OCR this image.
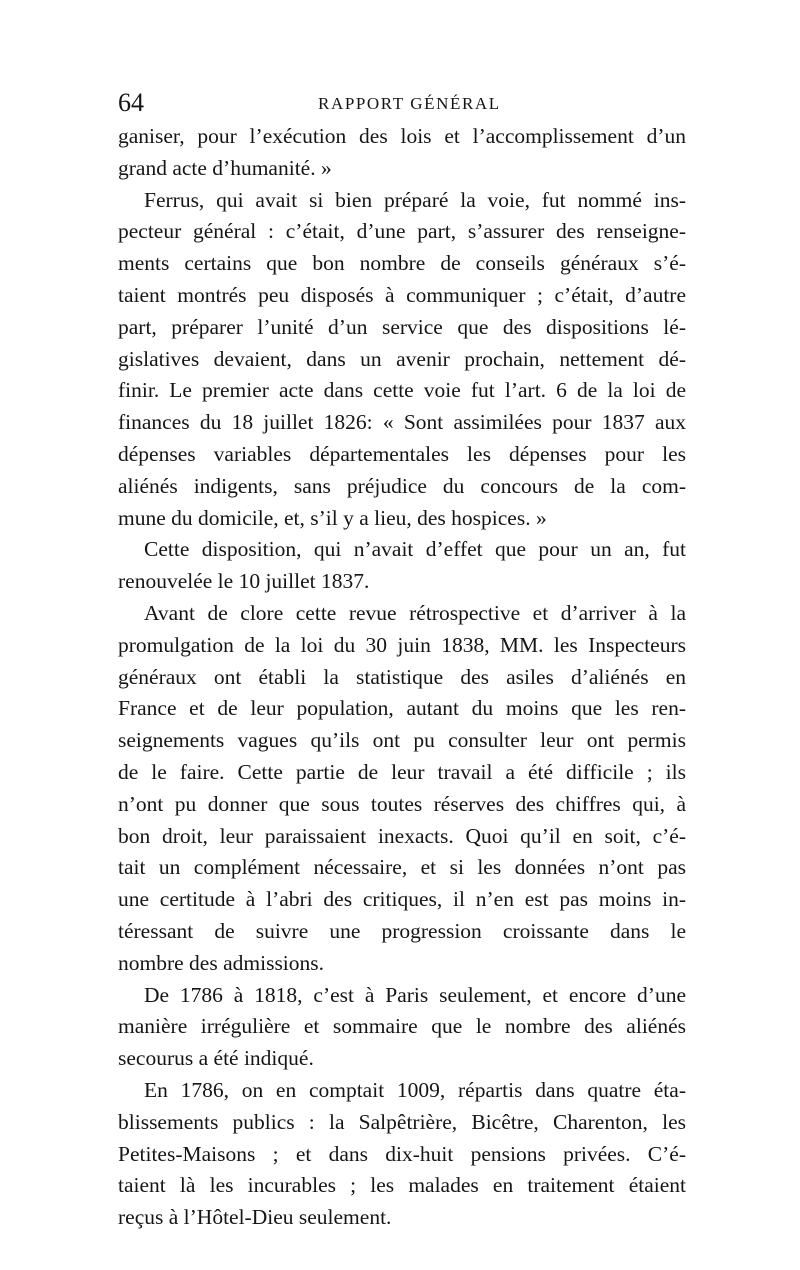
64	RAPPORT GÉNÉRAL
ganiser, pour l’exécution des lois et l’accomplissement d’un
grand acte d’humanité. »
Ferrus, qui avait si bien préparé la voie, fut nommé ins-
pecteur général : c’était, d’une part, s’assurer des renseigne-
ments certains que bon nombre de conseils généraux s’é-
taient montrés peu disposés à communiquer ; c’était, d’autre
part, préparer l’unité d’un service que des dispositions lé-
gislatives devaient, dans un avenir prochain, nettement dé-
finir. Le premier acte dans cette voie fut l’art. 6 de la loi de
finances du 18 juillet 1826: « Sont assimilées pour 1837 aux
dépenses variables départementales les dépenses pour les
aliénés indigents, sans préjudice du concours de la com-
mune du domicile, et, s’il y a lieu, des hospices. »
Cette disposition, qui n’avait d’effet que pour un an, fut
renouvelée le 10 juillet 1837.
Avant de clore cette revue rétrospective et d’arriver à la
promulgation de la loi du 30 juin 1838, MM. les Inspecteurs
généraux ont établi la statistique des asiles d’aliénés en
France et de leur population, autant du moins que les ren-
seignements vagues qu’ils ont pu consulter leur ont permis
de le faire. Cette partie de leur travail a été difficile ; ils
n’ont pu donner que sous toutes réserves des chiffres qui, à
bon droit, leur paraissaient inexacts. Quoi qu’il en soit, c’é-
tait un complément nécessaire, et si les données n’ont pas
une certitude à l’abri des critiques, il n’en est pas moins in-
téressant de suivre une progression croissante dans le
nombre des admissions.
De 1786 à 1818, c’est à Paris seulement, et encore d’une
manière irrégulière et sommaire que le nombre des aliénés
secourus a été indiqué.
En 1786, on en comptait 1009, répartis dans quatre éta-
blissements publics : la Salpêtrière, Bicêtre, Charenton, les
Petites-Maisons ; et dans dix-huit pensions privées. C’é-
taient là les incurables ; les malades en traitement étaient
reçus à l’Hôtel-Dieu seulement.
